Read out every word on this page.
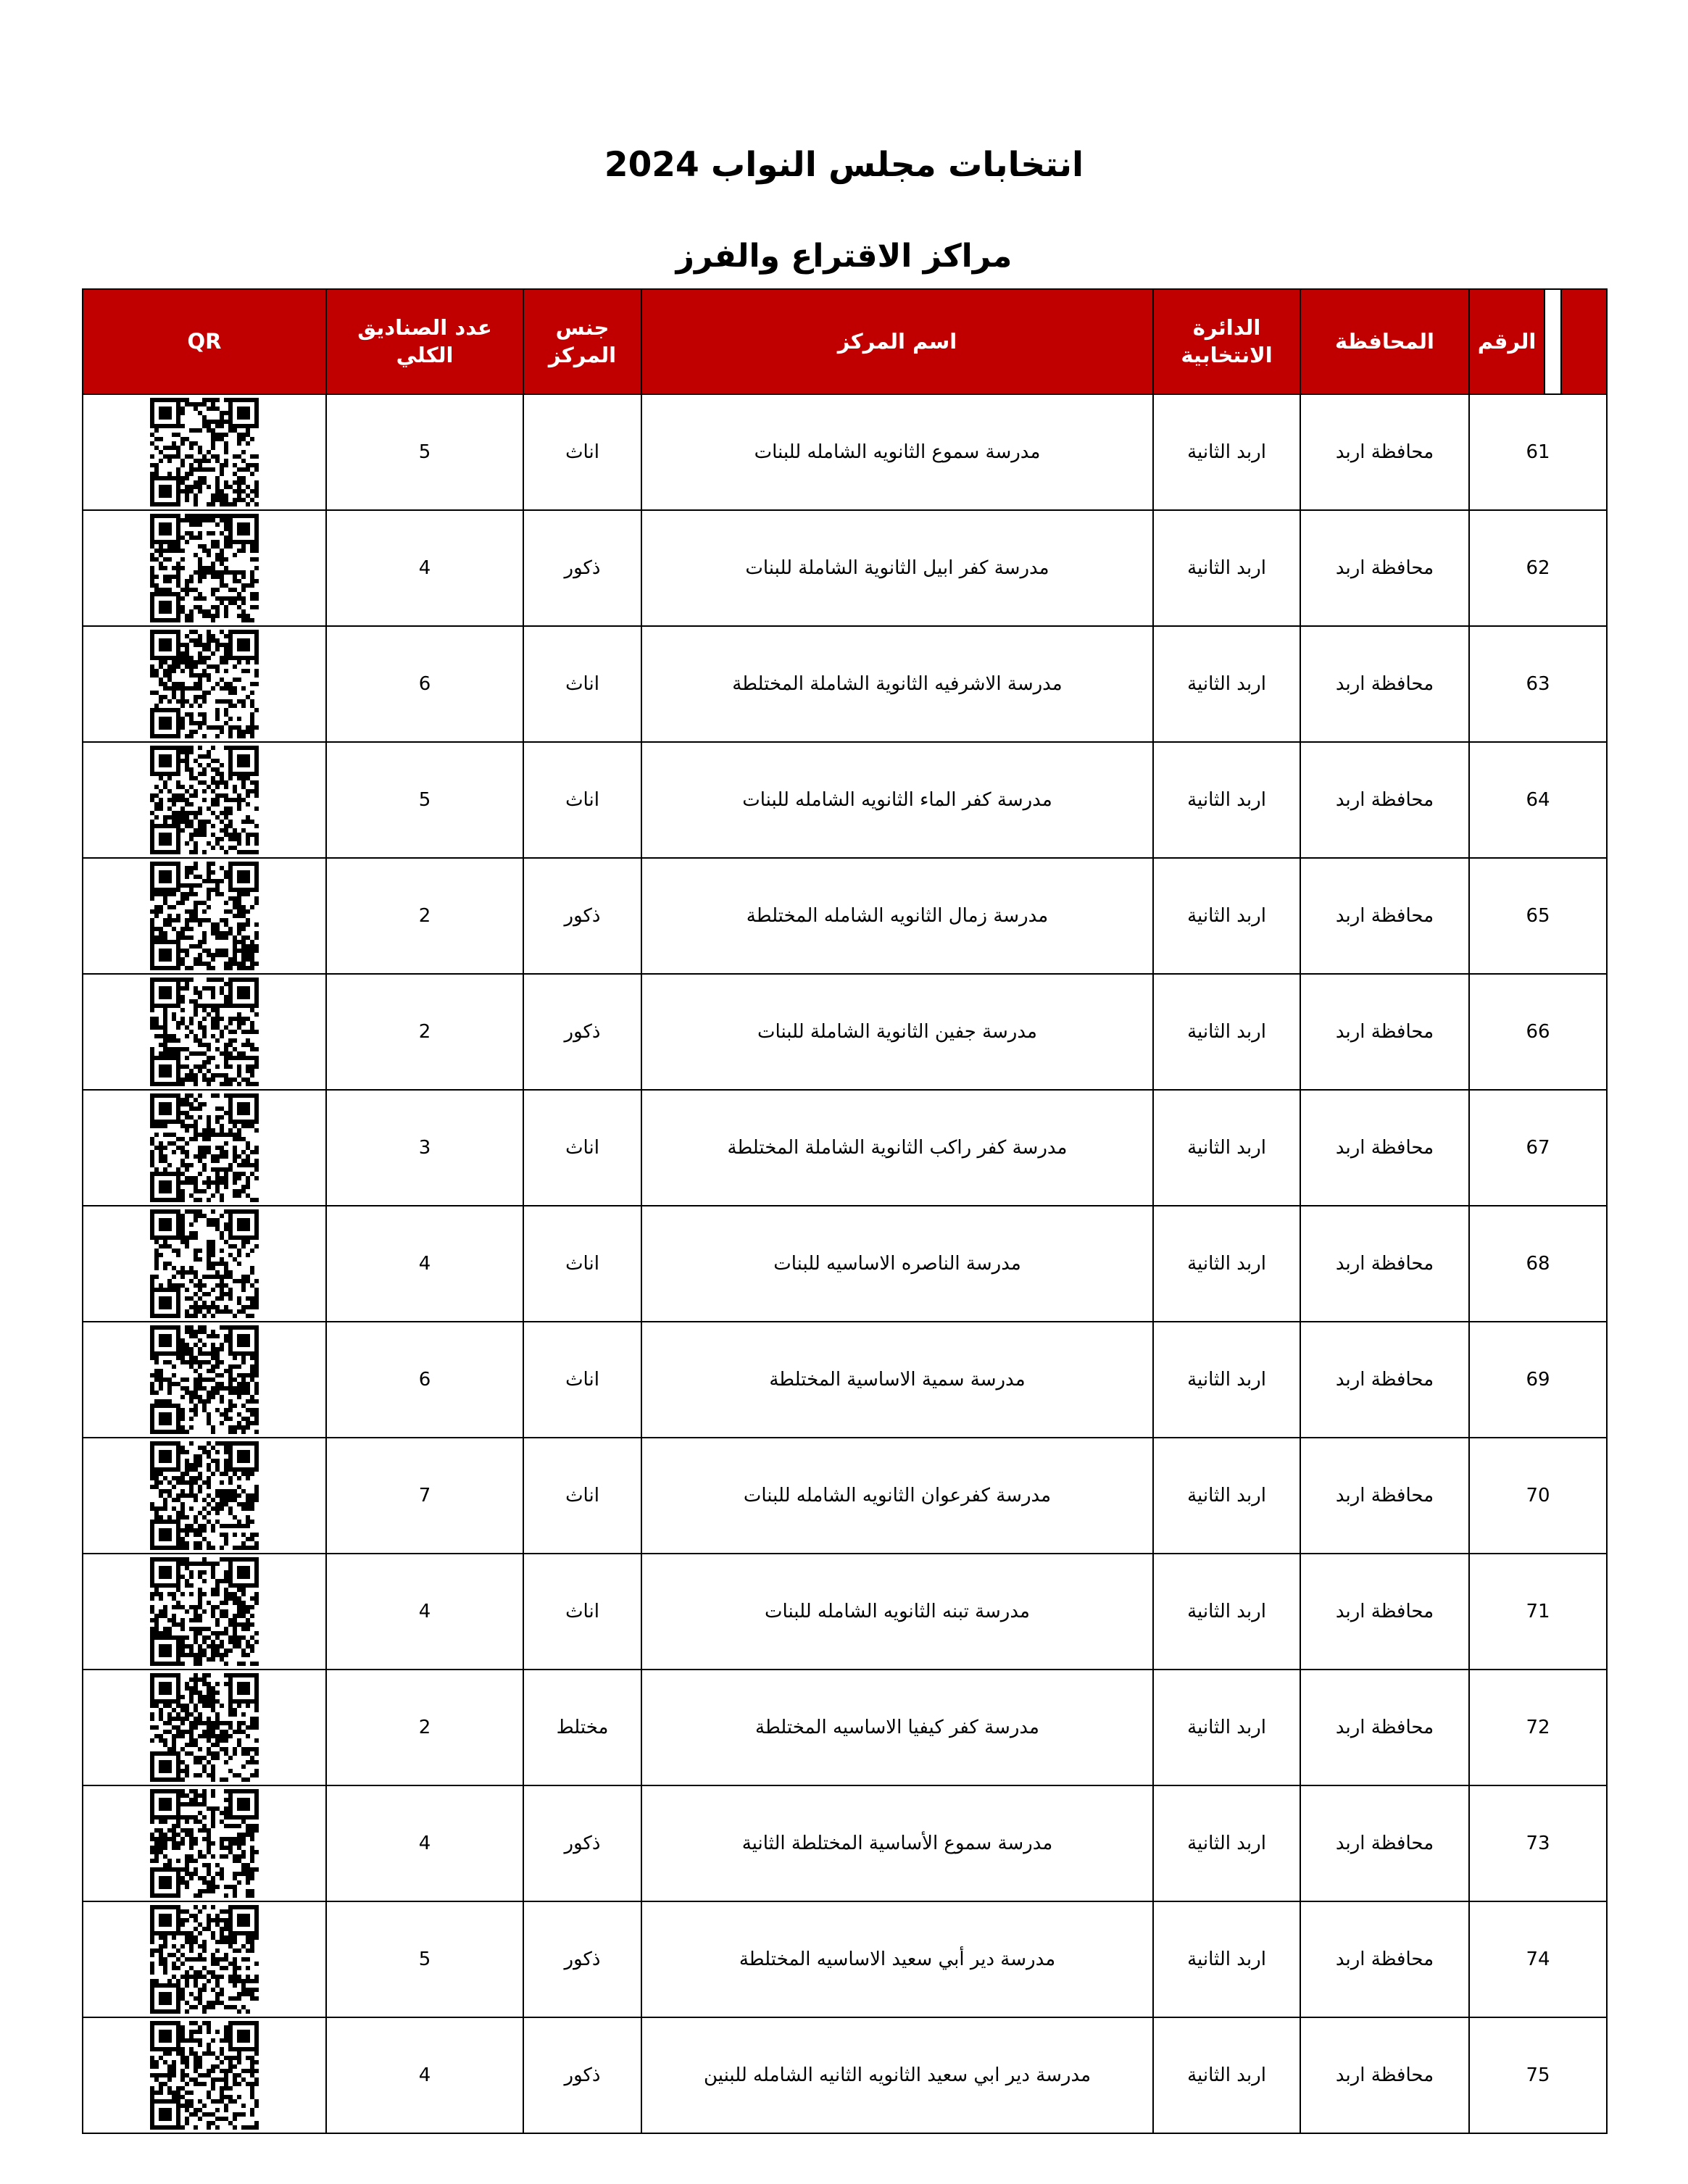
انتخابات مجلس النواب 2024
مراكز الاقتراع والفرز
		الرقم	المحافظة	الدائرة الانتخابية	اسم المركز	جنس المركز	عدد الصناديق الكلي	QR
61			محافظة اربد	اربد الثانية	مدرسة سموع الثانويه الشامله للبنات	اناث	5	

62			محافظة اربد	اربد الثانية	مدرسة كفر ابيل الثانوية الشاملة للبنات	ذكور	4	

63			محافظة اربد	اربد الثانية	مدرسة الاشرفيه الثانوية الشاملة المختلطة	اناث	6	

64			محافظة اربد	اربد الثانية	مدرسة كفر الماء الثانويه الشامله للبنات	اناث	5	

65			محافظة اربد	اربد الثانية	مدرسة زمال الثانويه الشامله المختلطة	ذكور	2	

66			محافظة اربد	اربد الثانية	مدرسة جفين الثانوية الشاملة للبنات	ذكور	2	

67			محافظة اربد	اربد الثانية	مدرسة كفر راكب الثانوية الشاملة المختلطة	اناث	3	

68			محافظة اربد	اربد الثانية	مدرسة الناصره الاساسيه للبنات	اناث	4	

69			محافظة اربد	اربد الثانية	مدرسة سمية الاساسية المختلطة	اناث	6	

70			محافظة اربد	اربد الثانية	مدرسة كفرعوان الثانويه الشامله للبنات	اناث	7	

71			محافظة اربد	اربد الثانية	مدرسة تبنه الثانويه الشامله للبنات	اناث	4	

72			محافظة اربد	اربد الثانية	مدرسة كفر كيفيا الاساسيه المختلطة	مختلط	2	

73			محافظة اربد	اربد الثانية	مدرسة سموع الأساسية المختلطة الثانية	ذكور	4	

74			محافظة اربد	اربد الثانية	مدرسة دير أبي سعيد الاساسيه المختلطة	ذكور	5	

75			محافظة اربد	اربد الثانية	مدرسة دير ابي سعيد الثانويه الثانيه الشامله للبنين	ذكور	4	
